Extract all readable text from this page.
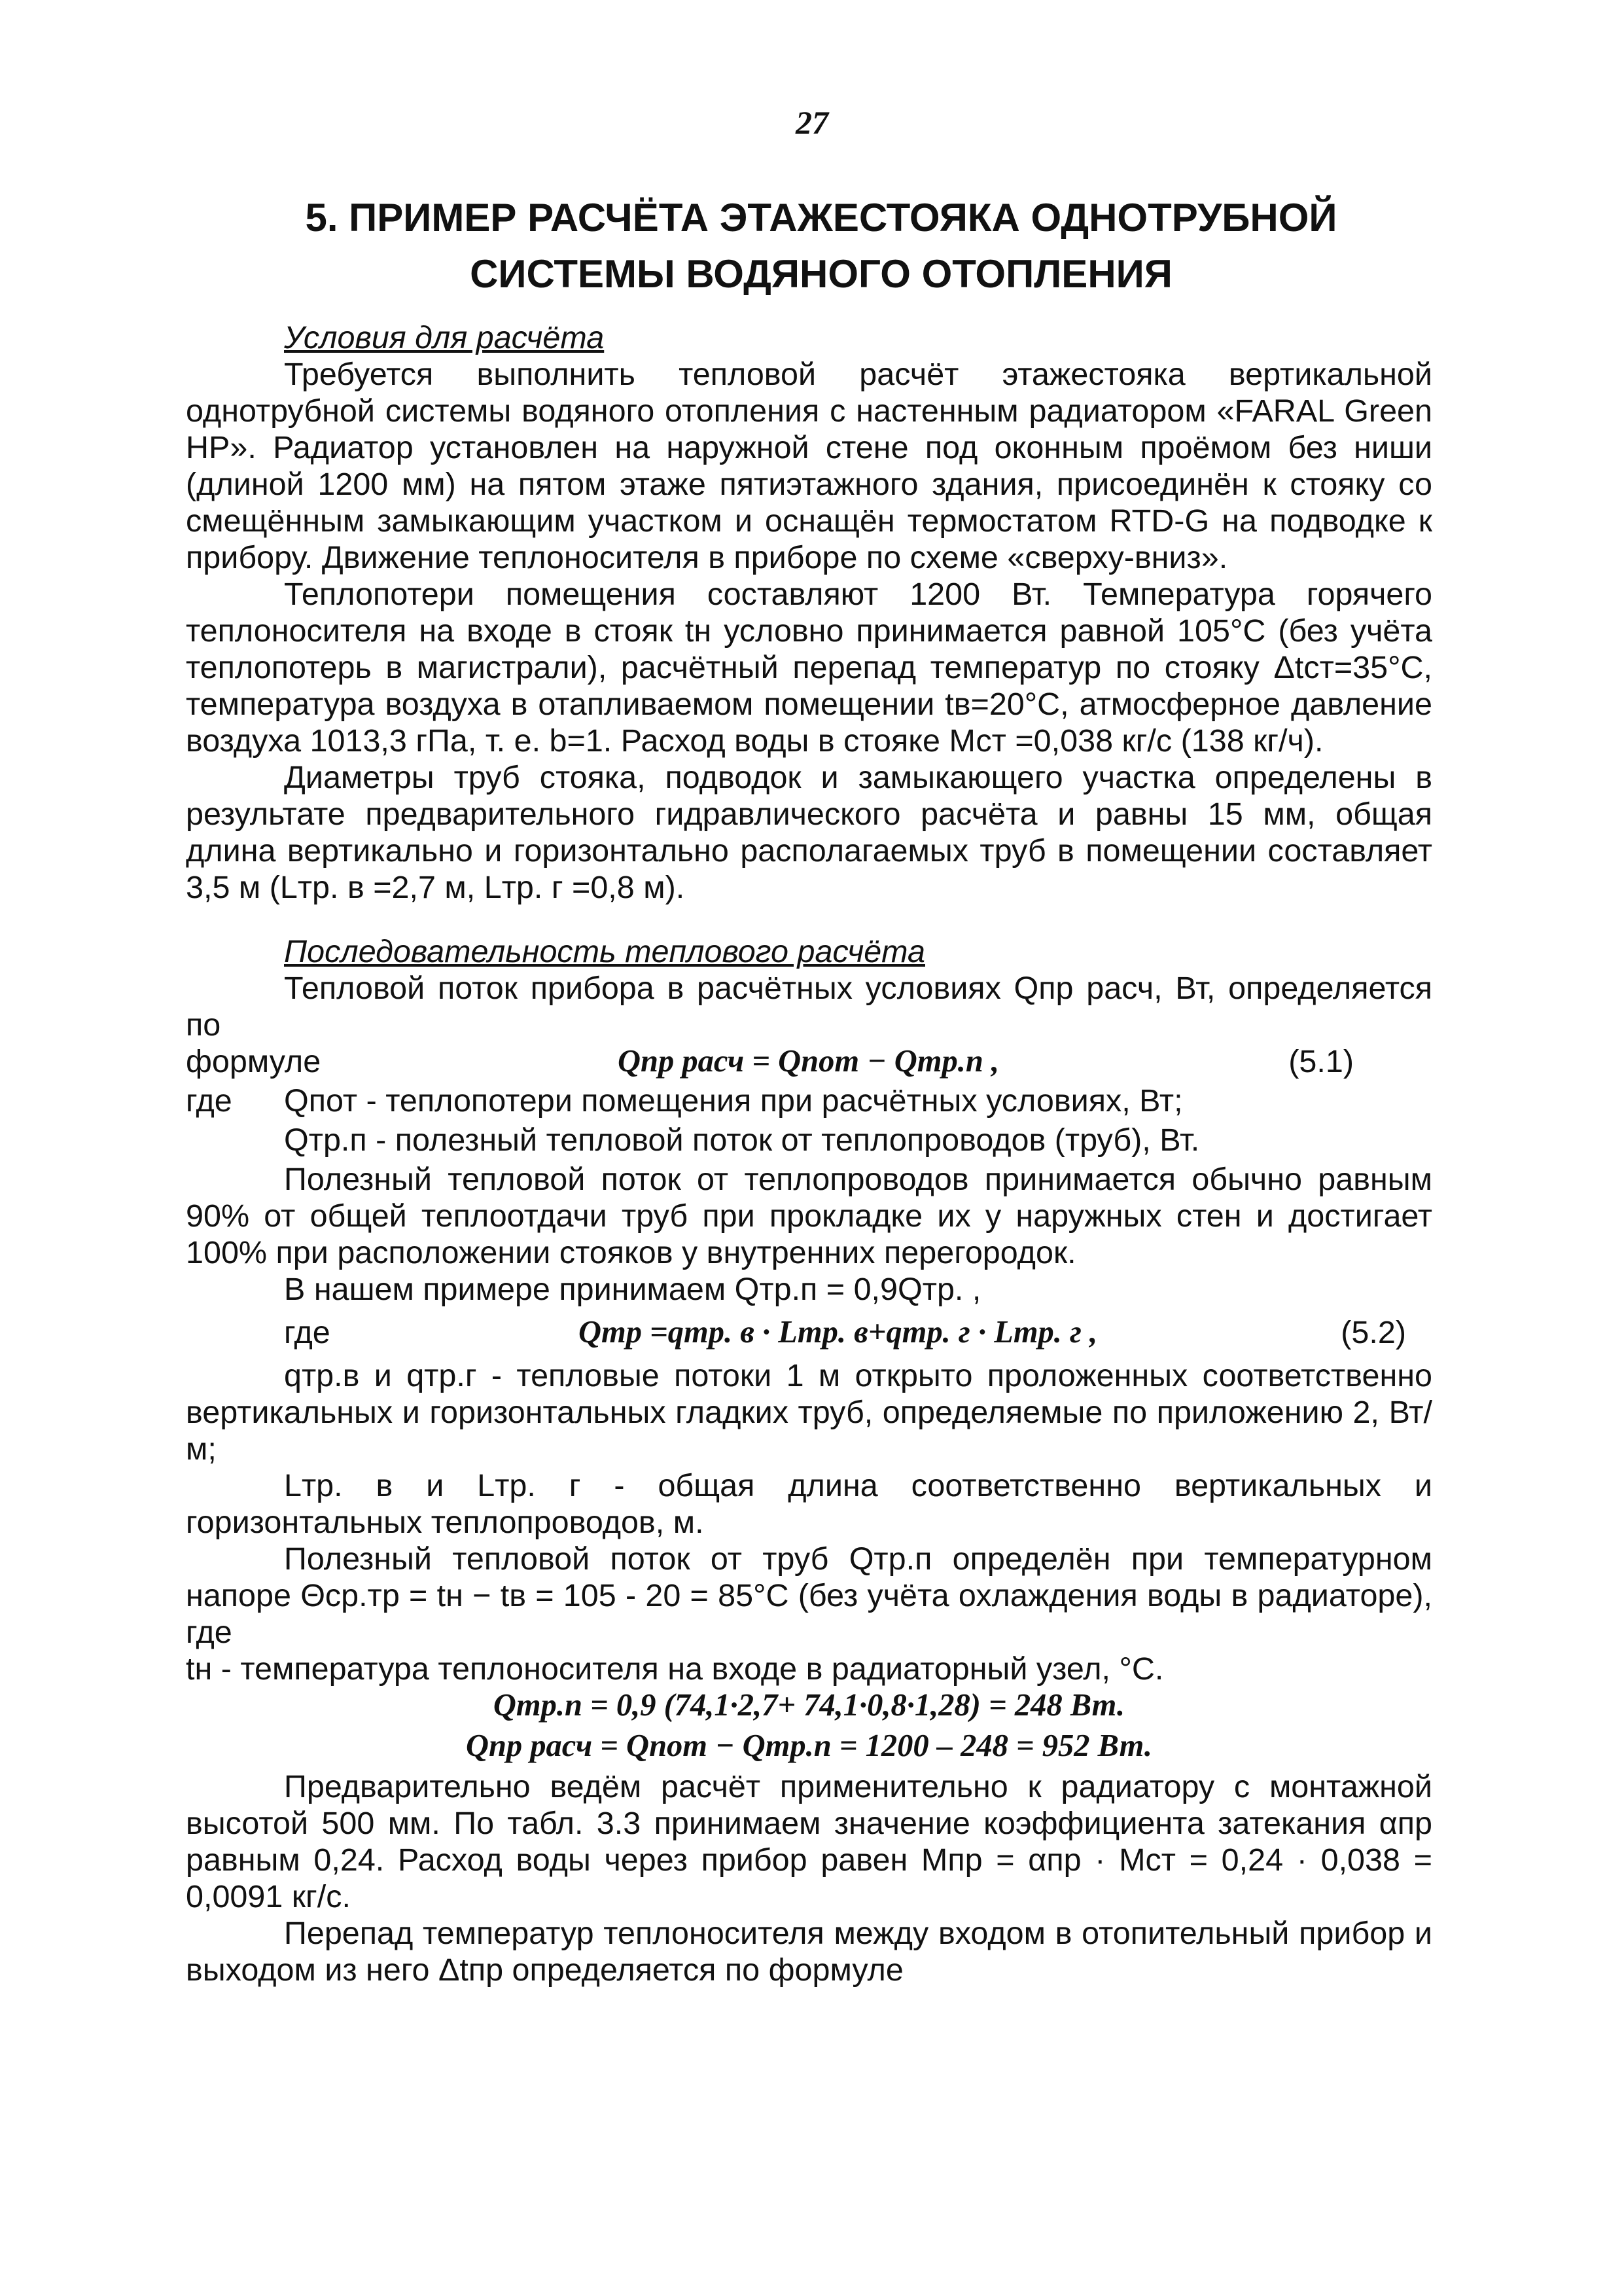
27
5. ПРИМЕР РАСЧЁТА ЭТАЖЕСТОЯКА ОДНОТРУБНОЙ
СИСТЕМЫ ВОДЯНОГО ОТОПЛЕНИЯ
Условия для расчёта

Требуется выполнить тепловой расчёт этажестояка вертикальной однотрубной системы водяного отопления с настенным радиатором «FARAL Green HP». Радиатор установлен на наружной стене под оконным проёмом без ниши (длиной 1200 мм) на пятом этаже пятиэтажного здания, присоединён к стояку со смещённым замыкающим участком и оснащён термостатом RTD-G на подводке к прибору. Движение теплоносителя в приборе по схеме «сверху-вниз».

Теплопотери помещения составляют 1200 Вт. Температура горячего теплоносителя на входе в стояк tн условно принимается равной 105°С (без учёта теплопотерь в магистрали), расчётный перепад температур по стояку Δtст=35°С, температура воздуха в отапливаемом помещении tв=20°С, атмосферное давление воздуха 1013,3 гПа, т. е. b=1. Расход воды в стояке Мст =0,038 кг/с (138 кг/ч).

Диаметры труб стояка, подводок и замыкающего участка определены в результате предварительного гидравлического расчёта и равны 15 мм, общая длина вертикально и горизонтально располагаемых труб в помещении составляет 3,5 м (Lтр. в =2,7 м, Lтр. г =0,8 м).

Последовательность теплового расчёта

Тепловой поток прибора в расчётных условиях Qпр расч, Вт, определяется по

формуле	Qпр расч = Qпот − Qтр.п ,	(5.1)
где Qпот - теплопотери помещения при расчётных условиях, Вт;
Qтр.п - полезный тепловой поток от теплопроводов (труб), Вт.

Полезный тепловой поток от теплопроводов принимается обычно равным 90% от общей теплоотдачи труб при прокладке их у наружных стен и достигает 100% при расположении стояков у внутренних перегородок.

В нашем примере принимаем Qтр.п = 0,9Qтр. ,

где	Qтр =qтр. в · Lтр. в+qтр. г · Lтр. г ,	(5.2)

qтр.в и qтр.г - тепловые потоки 1 м открыто проложенных соответственно вертикальных и горизонтальных гладких труб, определяемые по приложению 2, Вт/м;

Lтр. в и Lтр. г - общая длина соответственно вертикальных и горизонтальных теплопроводов, м.

Полезный тепловой поток от труб Qтр.п определён при температурном напоре Θср.тр = tн − tв = 105 - 20 = 85°С (без учёта охлаждения воды в радиаторе), где

tн - температура теплоносителя на входе в радиаторный узел, °С.

Qтр.п = 0,9 (74,1·2,7+ 74,1·0,8·1,28) = 248 Вт.

Qпр расч = Qпот − Qтр.п = 1200 – 248 = 952 Вт.

Предварительно ведём расчёт применительно к радиатору с монтажной высотой 500 мм. По табл. 3.3 принимаем значение коэффициента затекания αпр равным 0,24. Расход воды через прибор равен Mпр = αпр · Mст = 0,24 · 0,038 = 0,0091 кг/с.

Перепад температур теплоносителя между входом в отопительный прибор и выходом из него Δtпр определяется по формуле
